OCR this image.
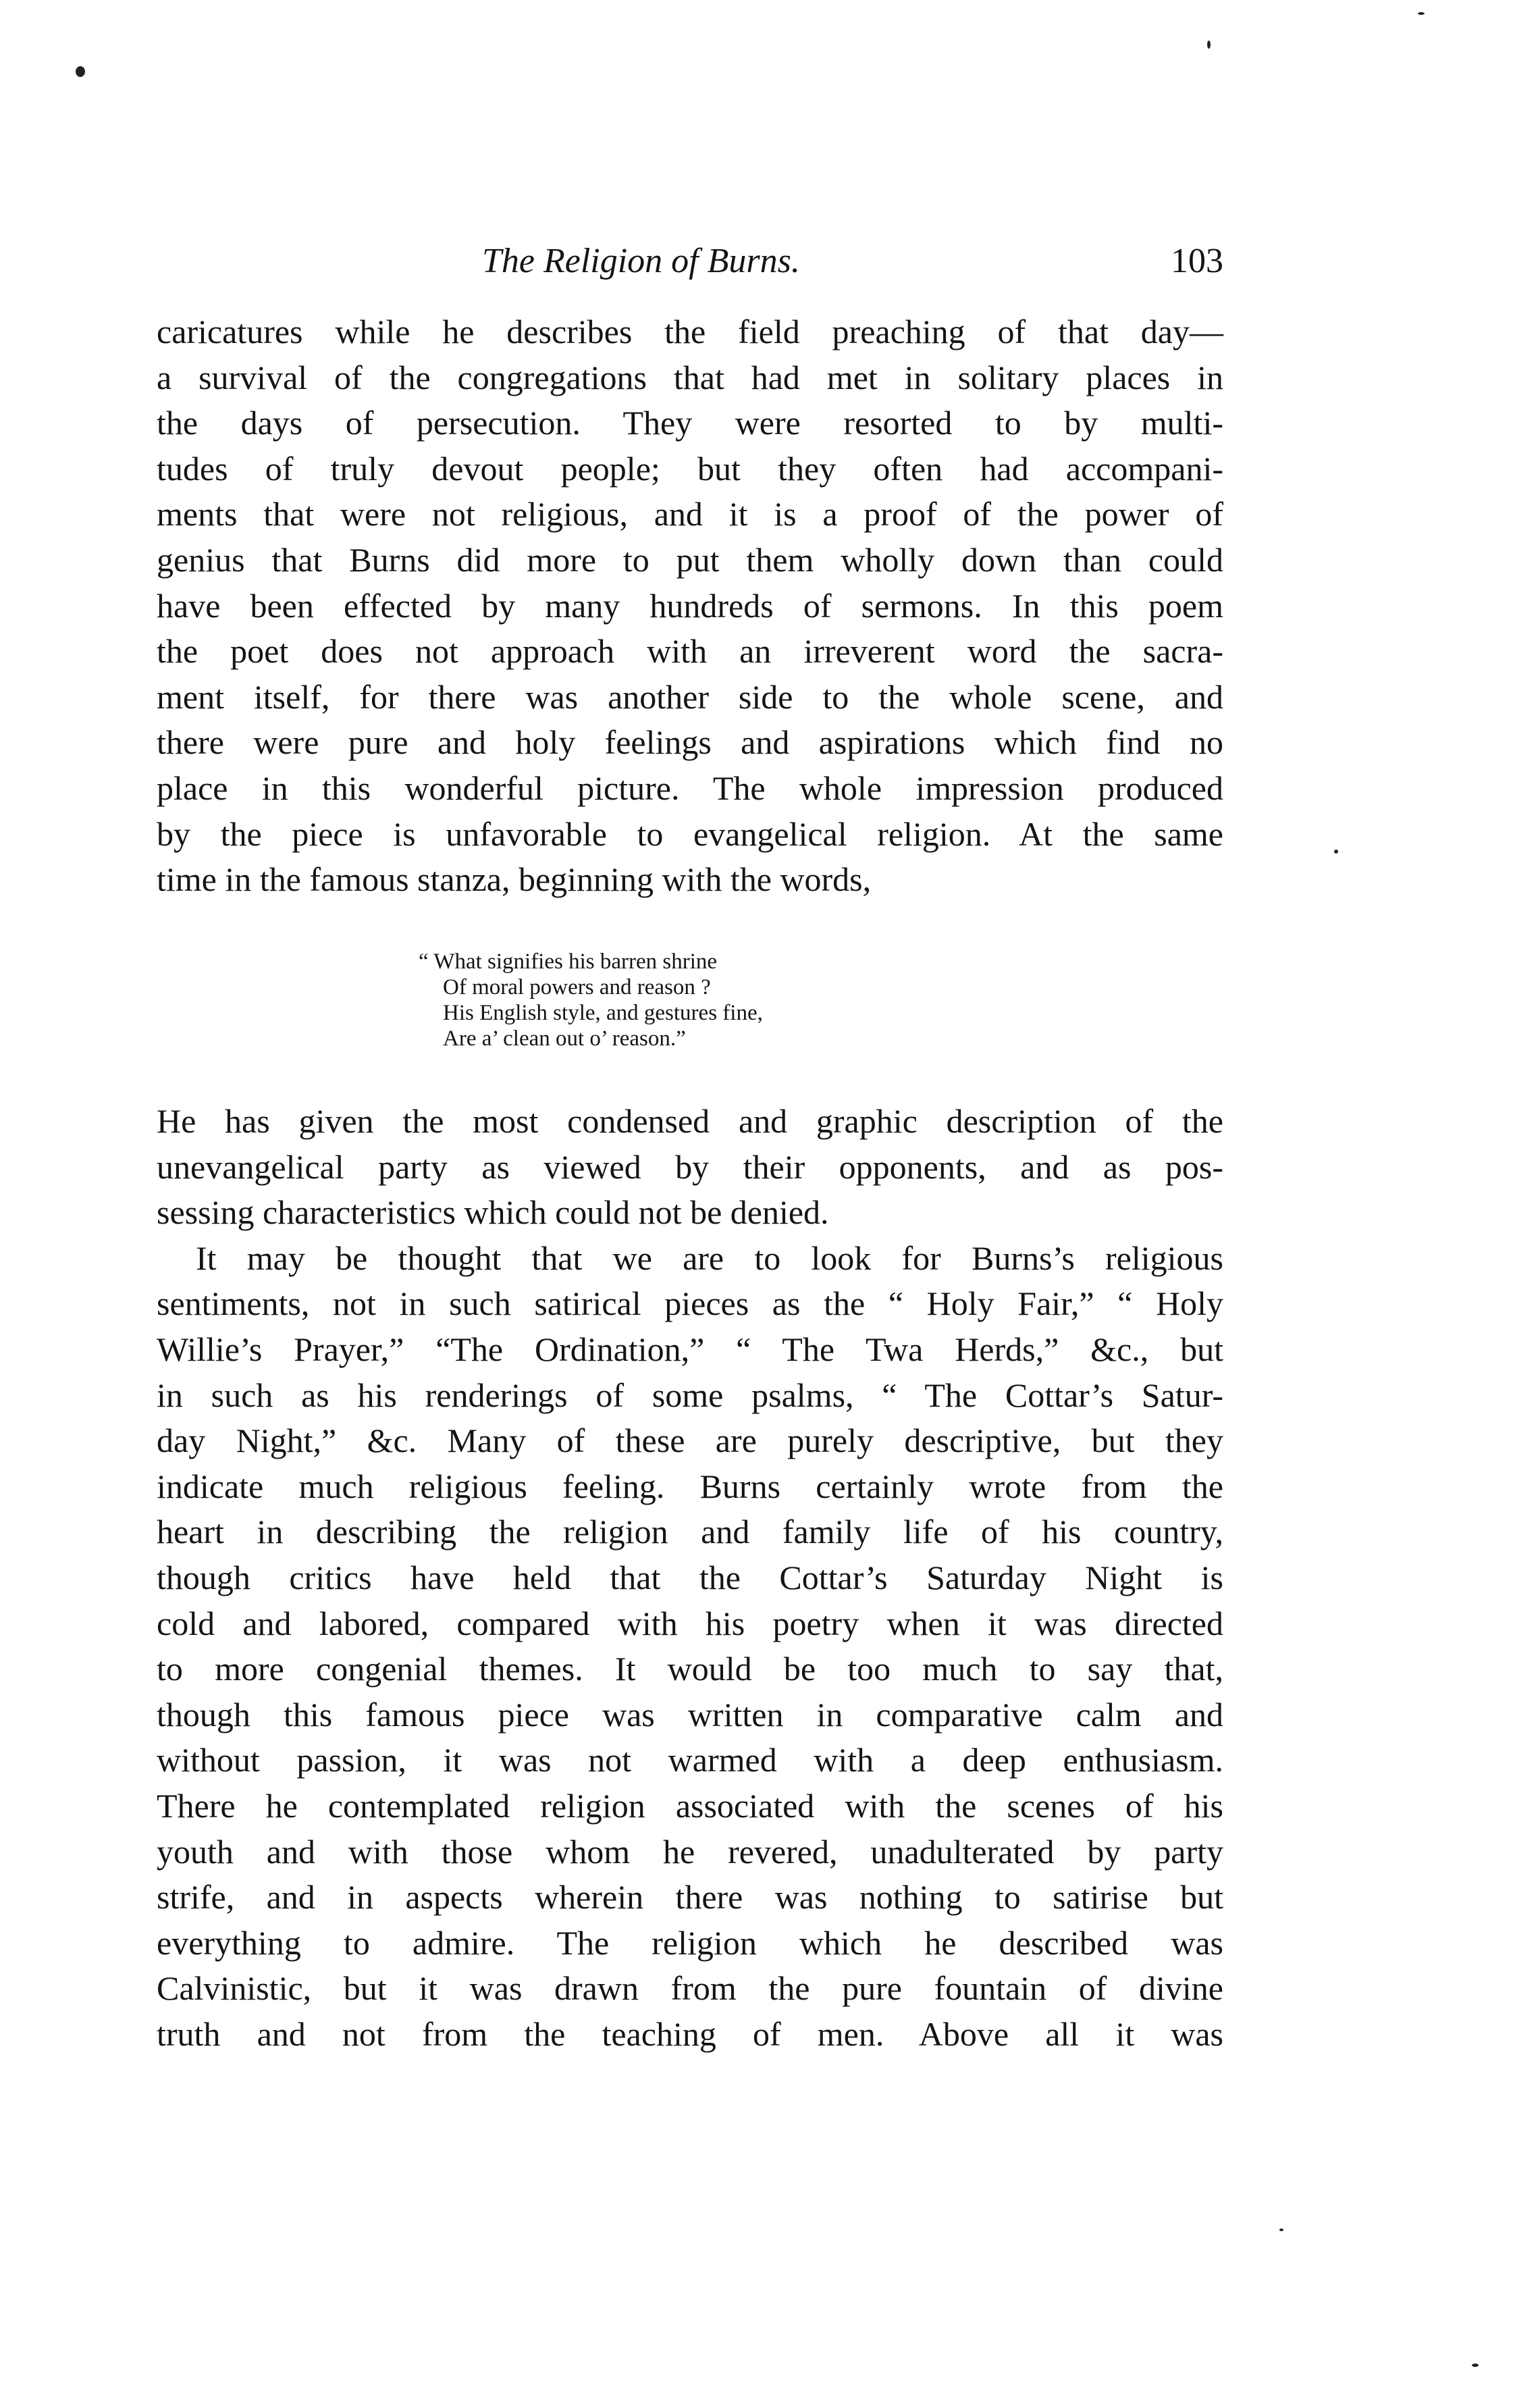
The Religion of Burns.	103
caricatures while he describes the field preaching of that day—
a survival of the congregations that had met in solitary places in
the days of persecution. They were resorted to by multi-
tudes of truly devout people; but they often had accompani-
ments that were not religious, and it is a proof of the power of
genius that Burns did more to put them wholly down than could
have been effected by many hundreds of sermons. In this poem
the poet does not approach with an irreverent word the sacra-
ment itself, for there was another side to the whole scene, and
there were pure and holy feelings and aspirations which find no
place in this wonderful picture. The whole impression produced
by the piece is unfavorable to evangelical religion. At the same
time in the famous stanza, beginning with the words,
“ What signifies his barren shrine
Of moral powers and reason ?
His English style, and gestures fine,
Are a’ clean out o’ reason.”
He has given the most condensed and graphic description of the
unevangelical party as viewed by their opponents, and as pos-
sessing characteristics which could not be denied.
It may be thought that we are to look for Burns’s religious
sentiments, not in such satirical pieces as the “ Holy Fair,” “ Holy
Willie’s Prayer,” “The Ordination,” “ The Twa Herds,” &c., but
in such as his renderings of some psalms, “ The Cottar’s Satur-
day Night,” &c. Many of these are purely descriptive, but they
indicate much religious feeling. Burns certainly wrote from the
heart in describing the religion and family life of his country,
though critics have held that the Cottar’s Saturday Night is
cold and labored, compared with his poetry when it was directed
to more congenial themes. It would be too much to say that,
though this famous piece was written in comparative calm and
without passion, it was not warmed with a deep enthusiasm.
There he contemplated religion associated with the scenes of his
youth and with those whom he revered, unadulterated by party
strife, and in aspects wherein there was nothing to satirise but
everything to admire. The religion which he described was
Calvinistic, but it was drawn from the pure fountain of divine
truth and not from the teaching of men. Above all it was
